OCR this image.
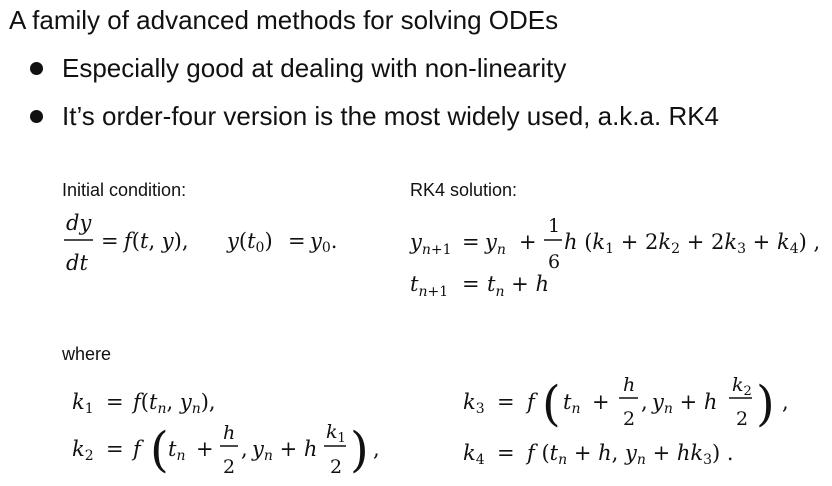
A family of advanced methods for solving ODEs
Especially good at dealing with non-linearity
It’s order-four version is the most widely used, a.k.a. RK4
Initial condition:	RK4 solution:
where
dy
dt
= f(t, y), y(t0) = y0.	$y_n+1 = y_n$ +
1
6
h (k1 + 2k2 + 2k3 + k4) ,
$t_n+1 = t_n + h$
k1 = f(tn, yn),
k2 = f ( tn +
h
2
, yn + h
$k_1$
2 ) ,
k3 = f ( tn +
h
2
, yn + h
$k_2$
2 ) ,
k4 = f (tn + h, yn + hk3) .
